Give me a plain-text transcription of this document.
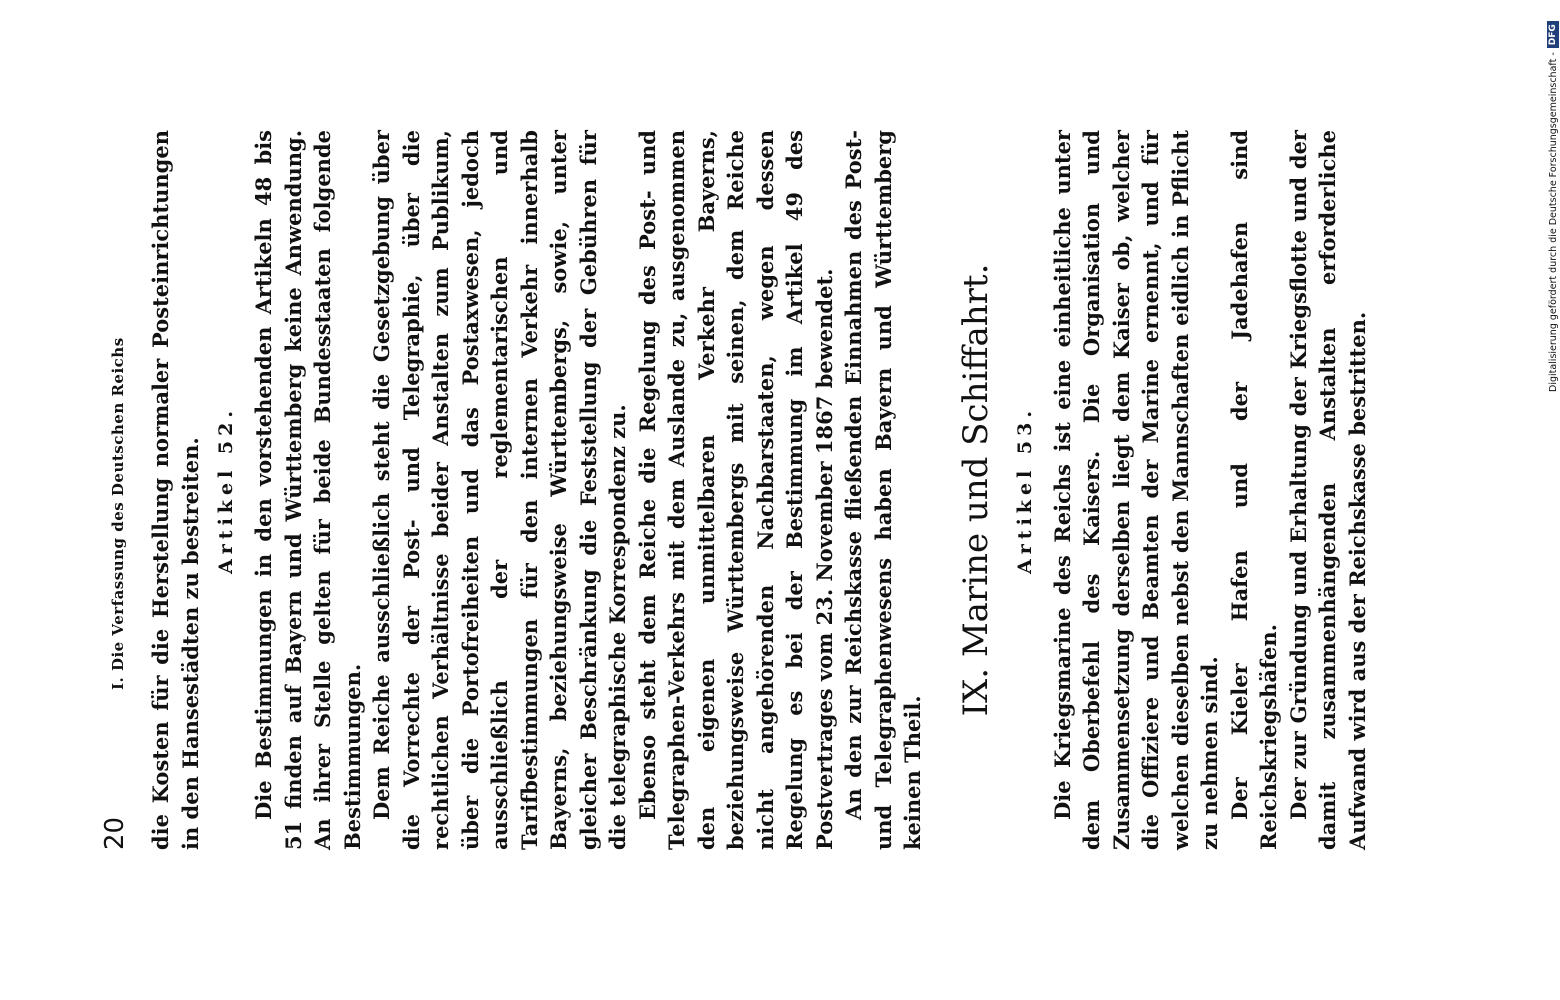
20
I. Die Verfassung des Deutschen Reichs die Kosten für die Herstellung normaler Posteinrichtungen in den Hansestädten zu bestreiten. Artikel 52. Die Bestimmungen in den vorstehenden Artikeln 48 bis 51 finden auf Bayern und Württemberg keine Anwendung. An ihrer Stelle gelten für beide Bundesstaaten folgende Bestimmungen. Dem Reiche ausschließlich steht die Gesetzgebung über die Vorrechte der Post- und Telegraphie, über die rechtlichen Verhältnisse beider Anstalten zum Publikum, über die Portofreiheiten und das Postaxwesen, jedoch ausschließlich der reglementarischen und Tarifbestimmungen für den internen Verkehr innerhalb Bayerns, beziehungsweise Württembergs, sowie, unter gleicher Beschränkung die Feststellung der Gebühren für die telegraphische Korrespondenz zu. Ebenso steht dem Reiche die Regelung des Post- und Telegraphen-Verkehrs mit dem Auslande zu, ausgenommen den eigenen unmittelbaren Verkehr Bayerns, beziehungsweise Württembergs mit seinen, dem Reiche nicht angehörenden Nachbarstaaten, wegen dessen Regelung es bei der Bestimmung im Artikel 49 des Postvertrages vom 23. November 1867 bewendet. An den zur Reichskasse fließenden Einnahmen des Post- und Telegraphenwesens haben Bayern und Württemberg keinen Theil.

IX. Marine und Schiffahrt. Artikel 53. Die Kriegsmarine des Reichs ist eine einheitliche unter dem Oberbefehl des Kaisers. Die Organisation und Zusammensetzung derselben liegt dem Kaiser ob, welcher die Offiziere und Beamten der Marine ernennt, und für welchen dieselben nebst den Mannschaften eidlich in Pflicht zu nehmen sind. Der Kieler Hafen und der Jadehafen sind Reichskriegshäfen. Der zur Gründung und Erhaltung der Kriegsflotte und der damit zusammenhängenden Anstalten erforderliche Aufwand wird aus der Reichskasse bestritten.

Digitalisierung gefördert durch die Deutsche Forschungsgemeinschaft -
DFG
